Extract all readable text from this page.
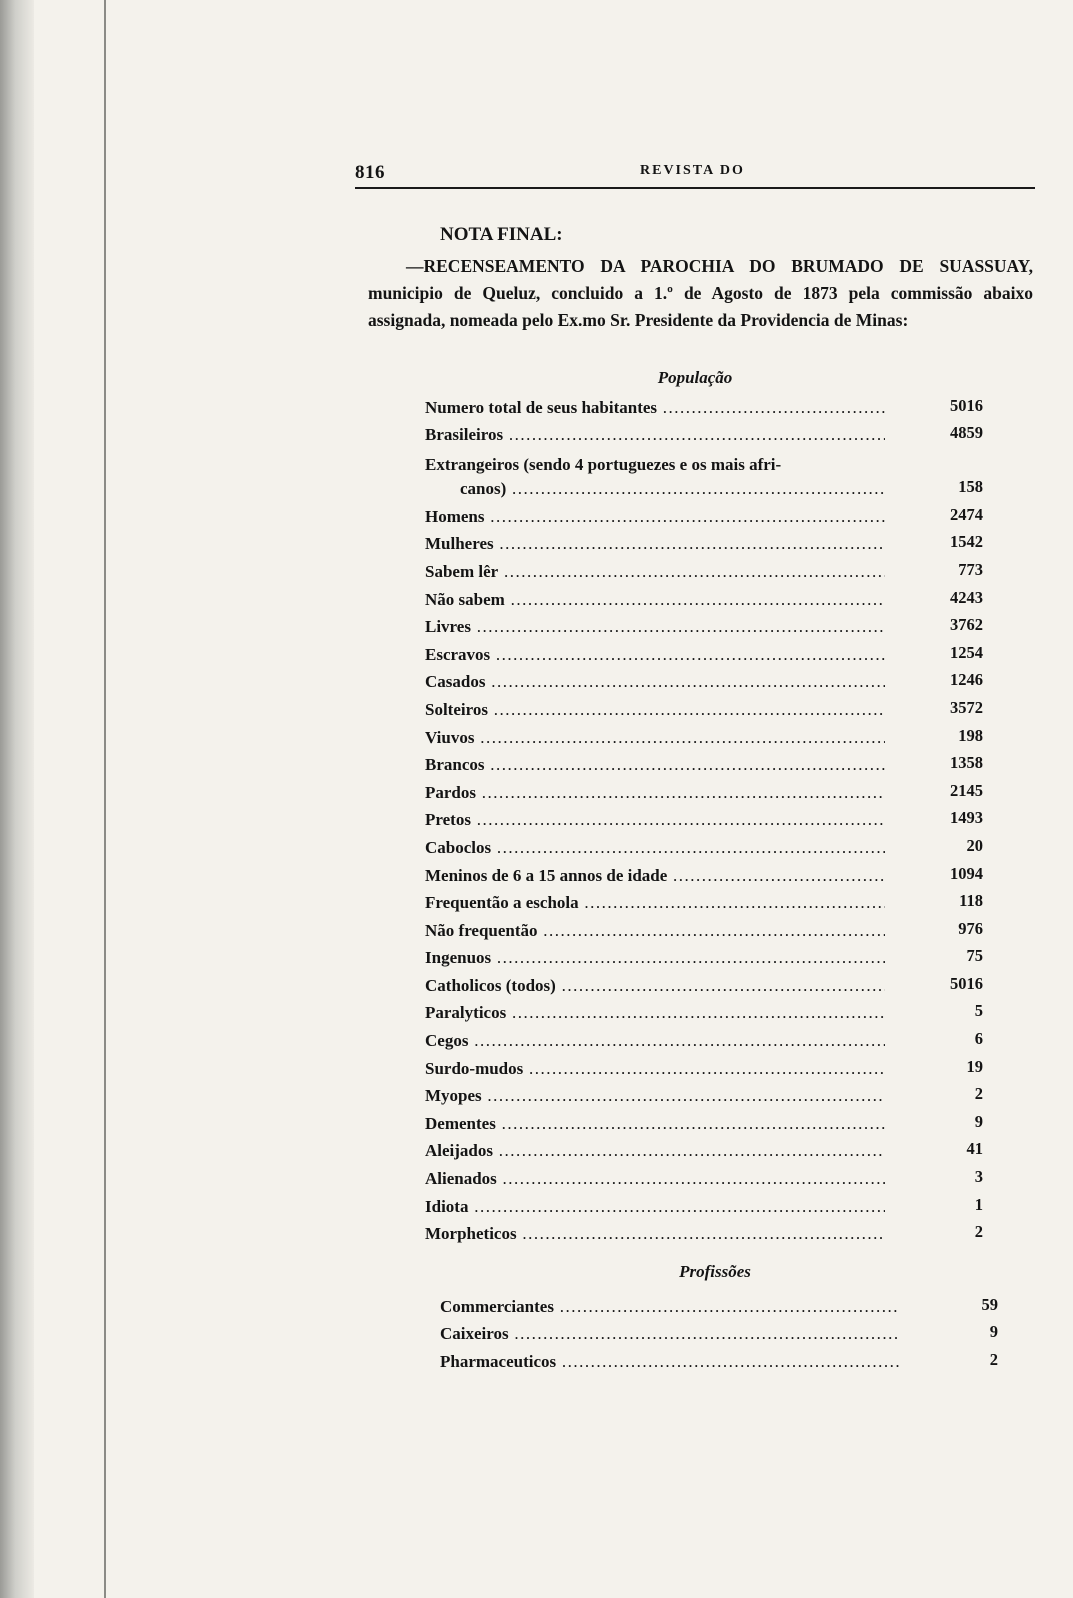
816	REVISTA DO
NOTA FINAL:
—RECENSEAMENTO DA PAROCHIA DO BRUMADO DE SUASSUAY, municipio de Queluz, concluido a 1.º de Agosto de 1873 pela commissão abaixo assignada, nomeada pelo Ex.mo Sr. Presidente da Providencia de Minas:
População
Numero total de seus habitantes .....	5016
Brasileiros .....	4859
Extrangeiros (sendo 4 portuguezes e os mais afri-
canos) .....	158
Homens .....	2474
Mulheres .....	1542
Sabem lêr .....	773
Não sabem .....	4243
Livres .....	3762
Escravos .....	1254
Casados .....	1246
Solteiros .....	3572
Viuvos .....	198
Brancos .....	1358
Pardos .....	2145
Pretos .....	1493
Caboclos .....	20
Meninos de 6 a 15 annos de idade .....	1094
Frequentão a eschola .....	118
Não frequentão .....	976
Ingenuos .....	75
Catholicos (todos) .....	5016
Paralyticos .....	5
Cegos .....	6
Surdo-mudos .....	19
Myopes .....	2
Dementes .....	9
Aleijados .....	41
Alienados .....	3
Idiota .....	1
Morpheticos .....	2
Profissões
Commerciantes .....	59
Caixeiros .....	9
Pharmaceuticos .....	2
